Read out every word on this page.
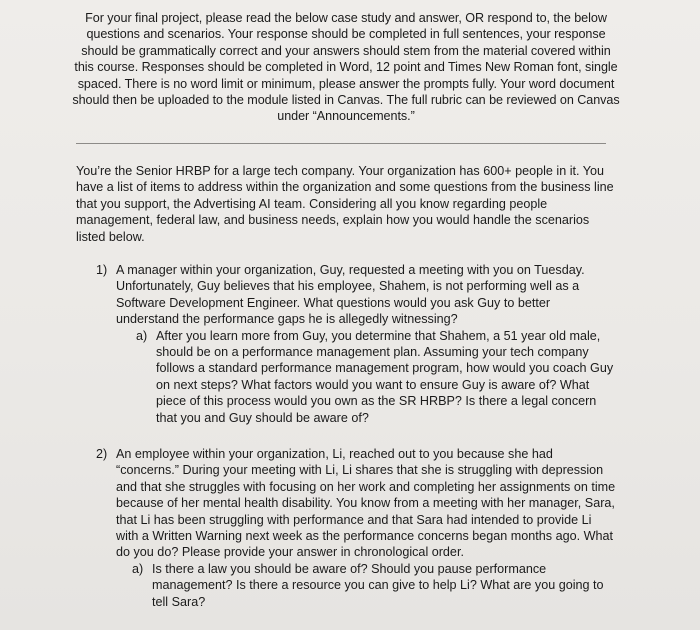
For your final project, please read the below case study and answer, OR respond to, the below questions and scenarios. Your response should be completed in full sentences, your response should be grammatically correct and your answers should stem from the material covered within this course. Responses should be completed in Word, 12 point and Times New Roman font, single spaced. There is no word limit or minimum, please answer the prompts fully. Your word document should then be uploaded to the module listed in Canvas. The full rubric can be reviewed on Canvas under “Announcements.”
You’re the Senior HRBP for a large tech company. Your organization has 600+ people in it. You have a list of items to address within the organization and some questions from the business line that you support, the Advertising AI team. Considering all you know regarding people management, federal law, and business needs, explain how you would handle the scenarios listed below.
1) A manager within your organization, Guy, requested a meeting with you on Tuesday. Unfortunately, Guy believes that his employee, Shahem, is not performing well as a Software Development Engineer. What questions would you ask Guy to better understand the performance gaps he is allegedly witnessing?
a) After you learn more from Guy, you determine that Shahem, a 51 year old male, should be on a performance management plan. Assuming your tech company follows a standard performance management program, how would you coach Guy on next steps? What factors would you want to ensure Guy is aware of? What piece of this process would you own as the SR HRBP? Is there a legal concern that you and Guy should be aware of?
2) An employee within your organization, Li, reached out to you because she had “concerns.” During your meeting with Li, Li shares that she is struggling with depression and that she struggles with focusing on her work and completing her assignments on time because of her mental health disability. You know from a meeting with her manager, Sara, that Li has been struggling with performance and that Sara had intended to provide Li with a Written Warning next week as the performance concerns began months ago. What do you do? Please provide your answer in chronological order.
a) Is there a law you should be aware of? Should you pause performance management? Is there a resource you can give to help Li? What are you going to tell Sara?
